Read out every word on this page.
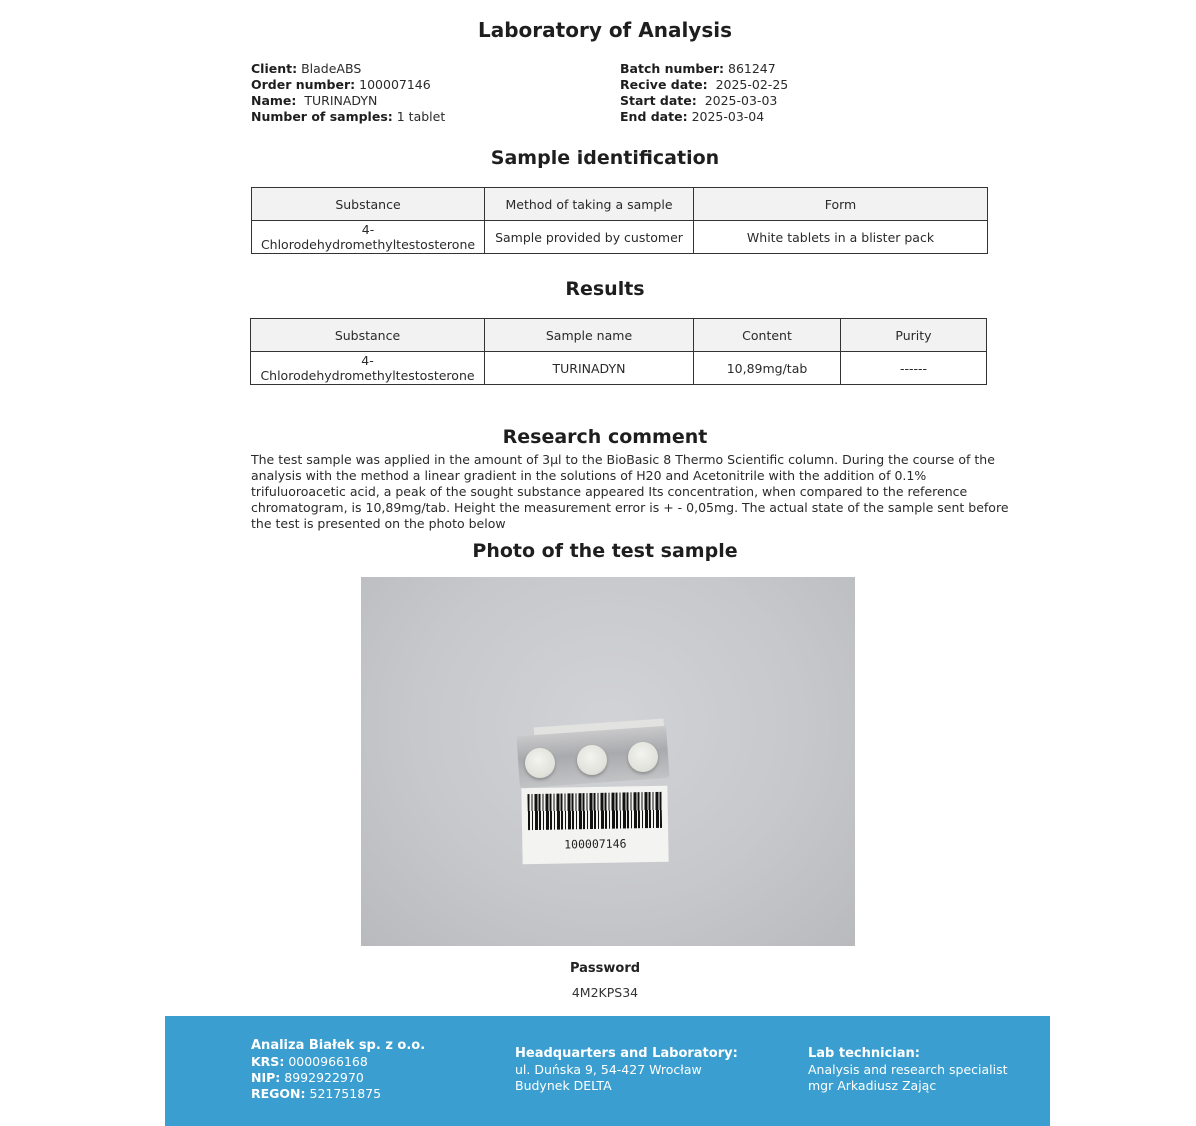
Laboratory of Analysis
Client: BladeABS
Order number: 100007146
Name: TURINADYN
Number of samples: 1 tablet
Batch number: 861247
Recive date: 2025-02-25
Start date: 2025-03-03
End date: 2025-03-04
Sample identification
Substance	Method of taking a sample	Form
4-Chlorodehydromethyltestosterone	Sample provided by customer	White tablets in a blister pack
Results
Substance	Sample name	Content	Purity
4-Chlorodehydromethyltestosterone	TURINADYN	10,89mg/tab	------
Research comment
The test sample was applied in the amount of 3µl to the BioBasic 8 Thermo Scientific column. During the course of the analysis with the method a linear gradient in the solutions of H20 and Acetonitrile with the addition of 0.1% trifuluoroacetic acid, a peak of the sought substance appeared Its concentration, when compared to the reference chromatogram, is 10,89mg/tab. Height the measurement error is + - 0,05mg. The actual state of the sample sent before the test is presented on the photo below
Photo of the test sample
100007146
Password
4M2KPS34
Analiza Białek sp. z o.o.
KRS: 0000966168
NIP: 8992922970
REGON: 521751875
Headquarters and Laboratory:
ul. Duńska 9, 54-427 Wrocław
Budynek DELTA
Lab technician:
Analysis and research specialist
mgr Arkadiusz Zając
